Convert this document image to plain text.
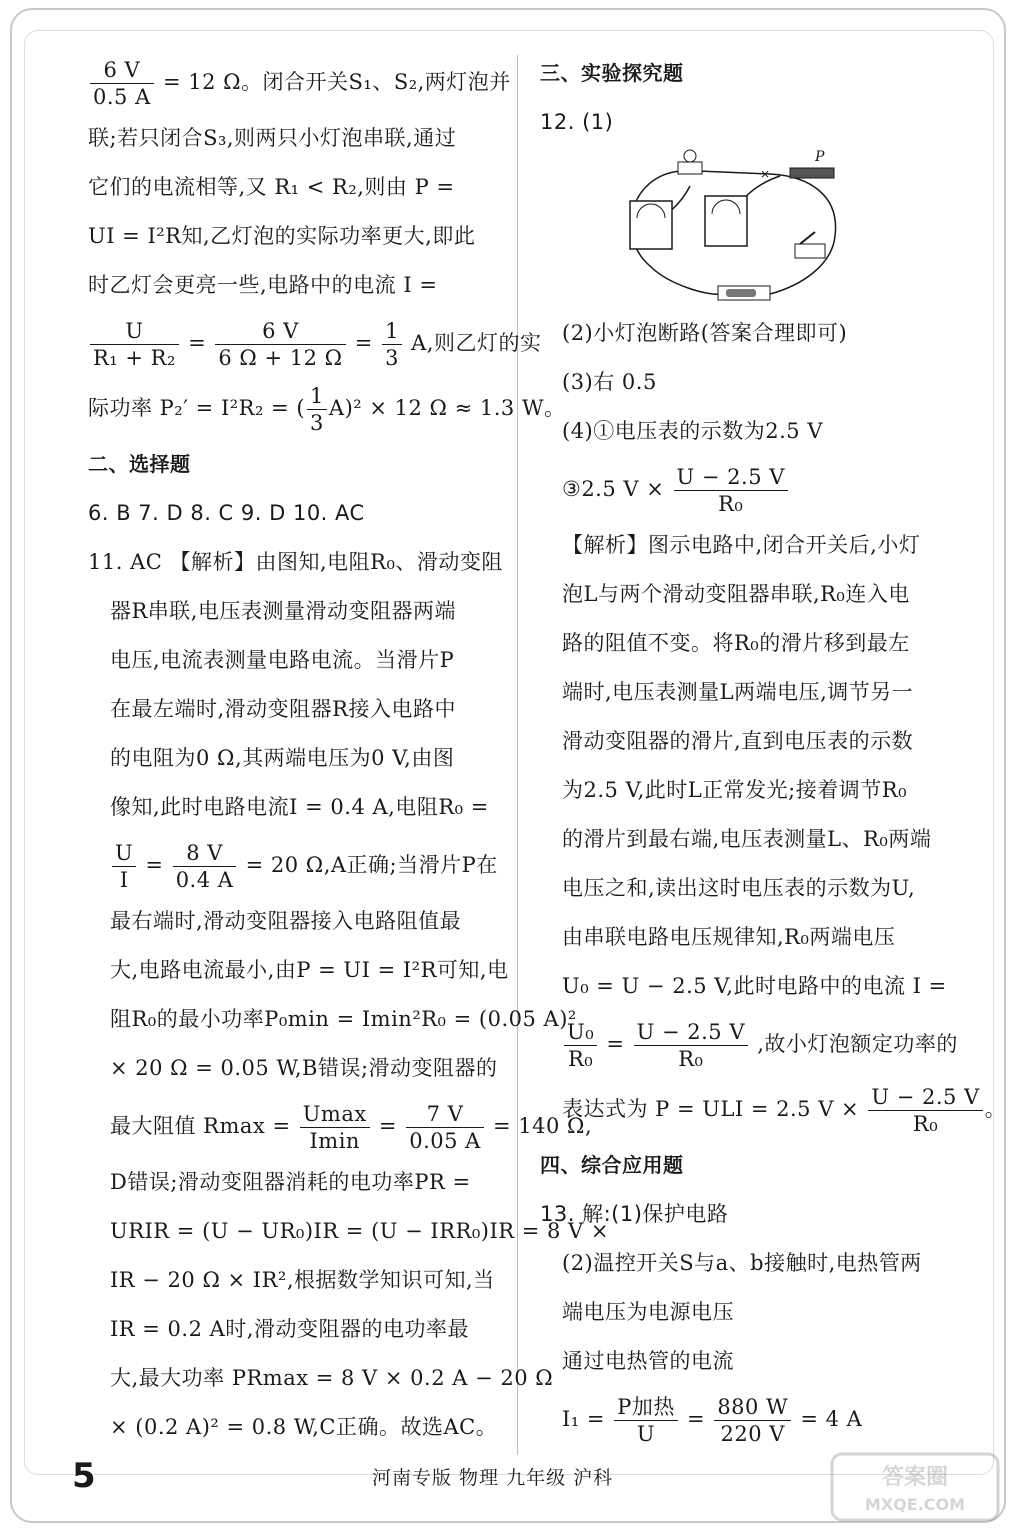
$\frac{6 V}{0.5 A} = 12$ Ω。闭合开关S₁、S₂,两灯泡并
联;若只闭合S₃,则两只小灯泡串联,通过
它们的电流相等,又 R₁ < R₂,则由 P =
UI = I²R知,乙灯泡的实际功率更大,即此
时乙灯会更亮一些,电路中的电流 I =
$\frac{U}{\text{R₁ + R₂}} = \frac{6 V}{6 \Omega + 12 \Omega} = \frac{1}{3} A$,则乙灯的实
际功率 P₂′ = I²R₂ = ( $\frac{1}{3} A)^2 \times 12$ Ω ≈ 1.3 W。
二、选择题
6. B 7. D 8. C 9. D 10. AC
11. AC 【解析】由图知,电阻R₀、滑动变阻
器R串联,电压表测量滑动变阻器两端
电压,电流表测量电路电流。当滑片P
在最左端时,滑动变阻器R接入电路中
的电阻为0 Ω,其两端电压为0 V,由图
像知,此时电路电流I = 0.4 A,电阻R₀ =
$\frac{U}{I} = \frac{8 V}{0.4 A} = 20$ Ω,A正确;当滑片P在
最右端时,滑动变阻器接入电路阻值最
大,电路电流最小,由P = UI = I²R可知,电
阻R₀的最小功率P₀min = Imin²R₀ = (0.05 A)²
× 20 Ω = 0.05 W,B错误;滑动变阻器的
最大阻值 $Rmax = \frac{Umax}{Imin} = \frac{7 V}{0.05 A} = 140$ Ω,
D错误;滑动变阻器消耗的电功率PR =
URIR = (U − UR₀)IR = (U − IRR₀)IR = 8 V ×
IR − 20 Ω × IR²,根据数学知识可知,当
IR = 0.2 A时,滑动变阻器的电功率最
大,最大功率 PRmax = 8 V × 0.2 A − 20 Ω
× (0.2 A)² = 0.8 W,C正确。故选AC。
三、实验探究题
12. (1)
×
P
(2)小灯泡断路(答案合理即可)
(3)右 0.5
(4)①电压表的示数为2.5 V
③2.5 $V \times \frac{U - 2.5 V}{\text{R₀}}$
【解析】图示电路中,闭合开关后,小灯
泡L与两个滑动变阻器串联,R₀连入电
路的阻值不变。将R₀的滑片移到最左
端时,电压表测量L两端电压,调节另一
滑动变阻器的滑片,直到电压表的示数
为2.5 V,此时L正常发光;接着调节R₀
的滑片到最右端,电压表测量L、R₀两端
电压之和,读出这时电压表的示数为U,
由串联电路电压规律知,R₀两端电压
U₀ = U − 2.5 V,此时电路中的电流 I =
$\frac{\text{U₀}}{\text{R₀}} = \frac{U - 2.5 V}{\text{R₀}}$ ,故小灯泡额定功率的
表达式为 P = ULI = 2.5 $V \times \frac{U - 2.5 V}{\text{R₀}}$ 。
四、综合应用题
13. 解:(1)保护电路
(2)温控开关S与a、b接触时,电热管两
端电压为电源电压
通过电热管的电流
$I_1 = \frac{\text{P加热}}{U} = \frac{880 W}{220 V} = 4$ A
5	河南专版 物理 九年级 沪科	答案圈
MXQE.COM
